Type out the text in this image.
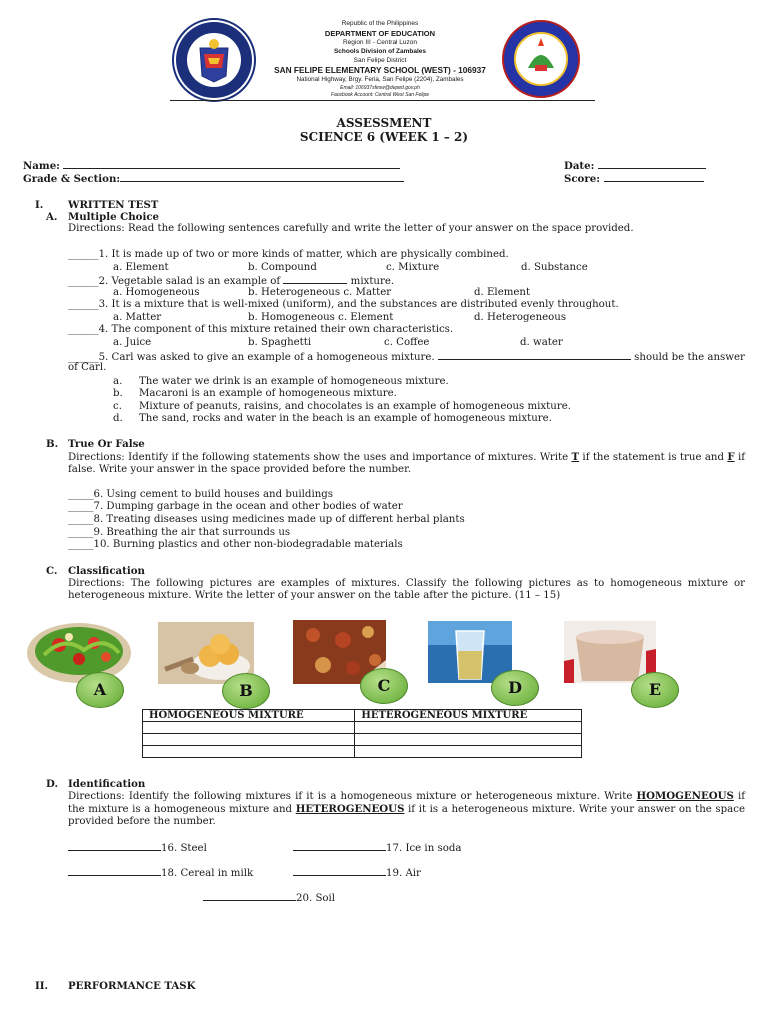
Republic of the Philippines
DEPARTMENT OF EDUCATION
Region III - Central Luzon
Schools Division of Zambales
San Felipe District
SAN FELIPE ELEMENTARY SCHOOL (WEST) - 106937
National Highway, Brgy. Feria, San Felipe (2204), Zambales
Email: 106937sfesw@deped.gov.ph
Facebook Account: Central West San Felipe
ASSESSMENT
SCIENCE 6 (WEEK 1 – 2)
Name:
Grade & Section:
Date:
Score:
I. WRITTEN TEST
A. Multiple Choice
Directions: Read the following sentences carefully and write the letter of your answer on the space provided.
______1. It is made up of two or more kinds of matter, which are physically combined.
a. Element	b. Compound	c. Mixture	d. Substance
______2. Vegetable salad is an example of	mixture.
a. Homogeneous	b. Heterogeneous c. Matter	d. Element
______3. It is a mixture that is well-mixed (uniform), and the substances are distributed evenly throughout.
a. Matter	b. Homogeneous c. Element	d. Heterogeneous
______4. The component of this mixture retained their own characteristics.
a. Juice	b. Spaghetti	c. Coffee	d. water
______5. Carl was asked to give an example of a homogeneous mixture.	should be the answer
of Carl.
a. The water we drink is an example of homogeneous mixture.
b. Macaroni is an example of homogeneous mixture.
c. Mixture of peanuts, raisins, and chocolates is an example of homogeneous mixture.
d. The sand, rocks and water in the beach is an example of homogeneous mixture.
B. True Or False
Directions: Identify if the following statements show the uses and importance of mixtures. Write T if the statement is true and F if false. Write your answer in the space provided before the number.
_____6. Using cement to build houses and buildings
_____7. Dumping garbage in the ocean and other bodies of water
_____8. Treating diseases using medicines made up of different herbal plants
_____9. Breathing the air that surrounds us
_____10. Burning plastics and other non-biodegradable materials
C. Classification
Directions: The following pictures are examples of mixtures. Classify the following pictures as to homogeneous mixture or heterogeneous mixture. Write the letter of your answer on the table after the picture. (11 – 15)
A	B	C	D	E
HOMOGENEOUS MIXTURE	HETEROGENEOUS MIXTURE

D. Identification
Directions: Identify the following mixtures if it is a homogeneous mixture or heterogeneous mixture. Write HOMOGENEOUS if the mixture is a homogeneous mixture and HETEROGENEOUS if it is a heterogeneous mixture. Write your answer on the space provided before the number.
16. Steel	17. Ice in soda
18. Cereal in milk	19. Air
20. Soil
II. PERFORMANCE TASK
